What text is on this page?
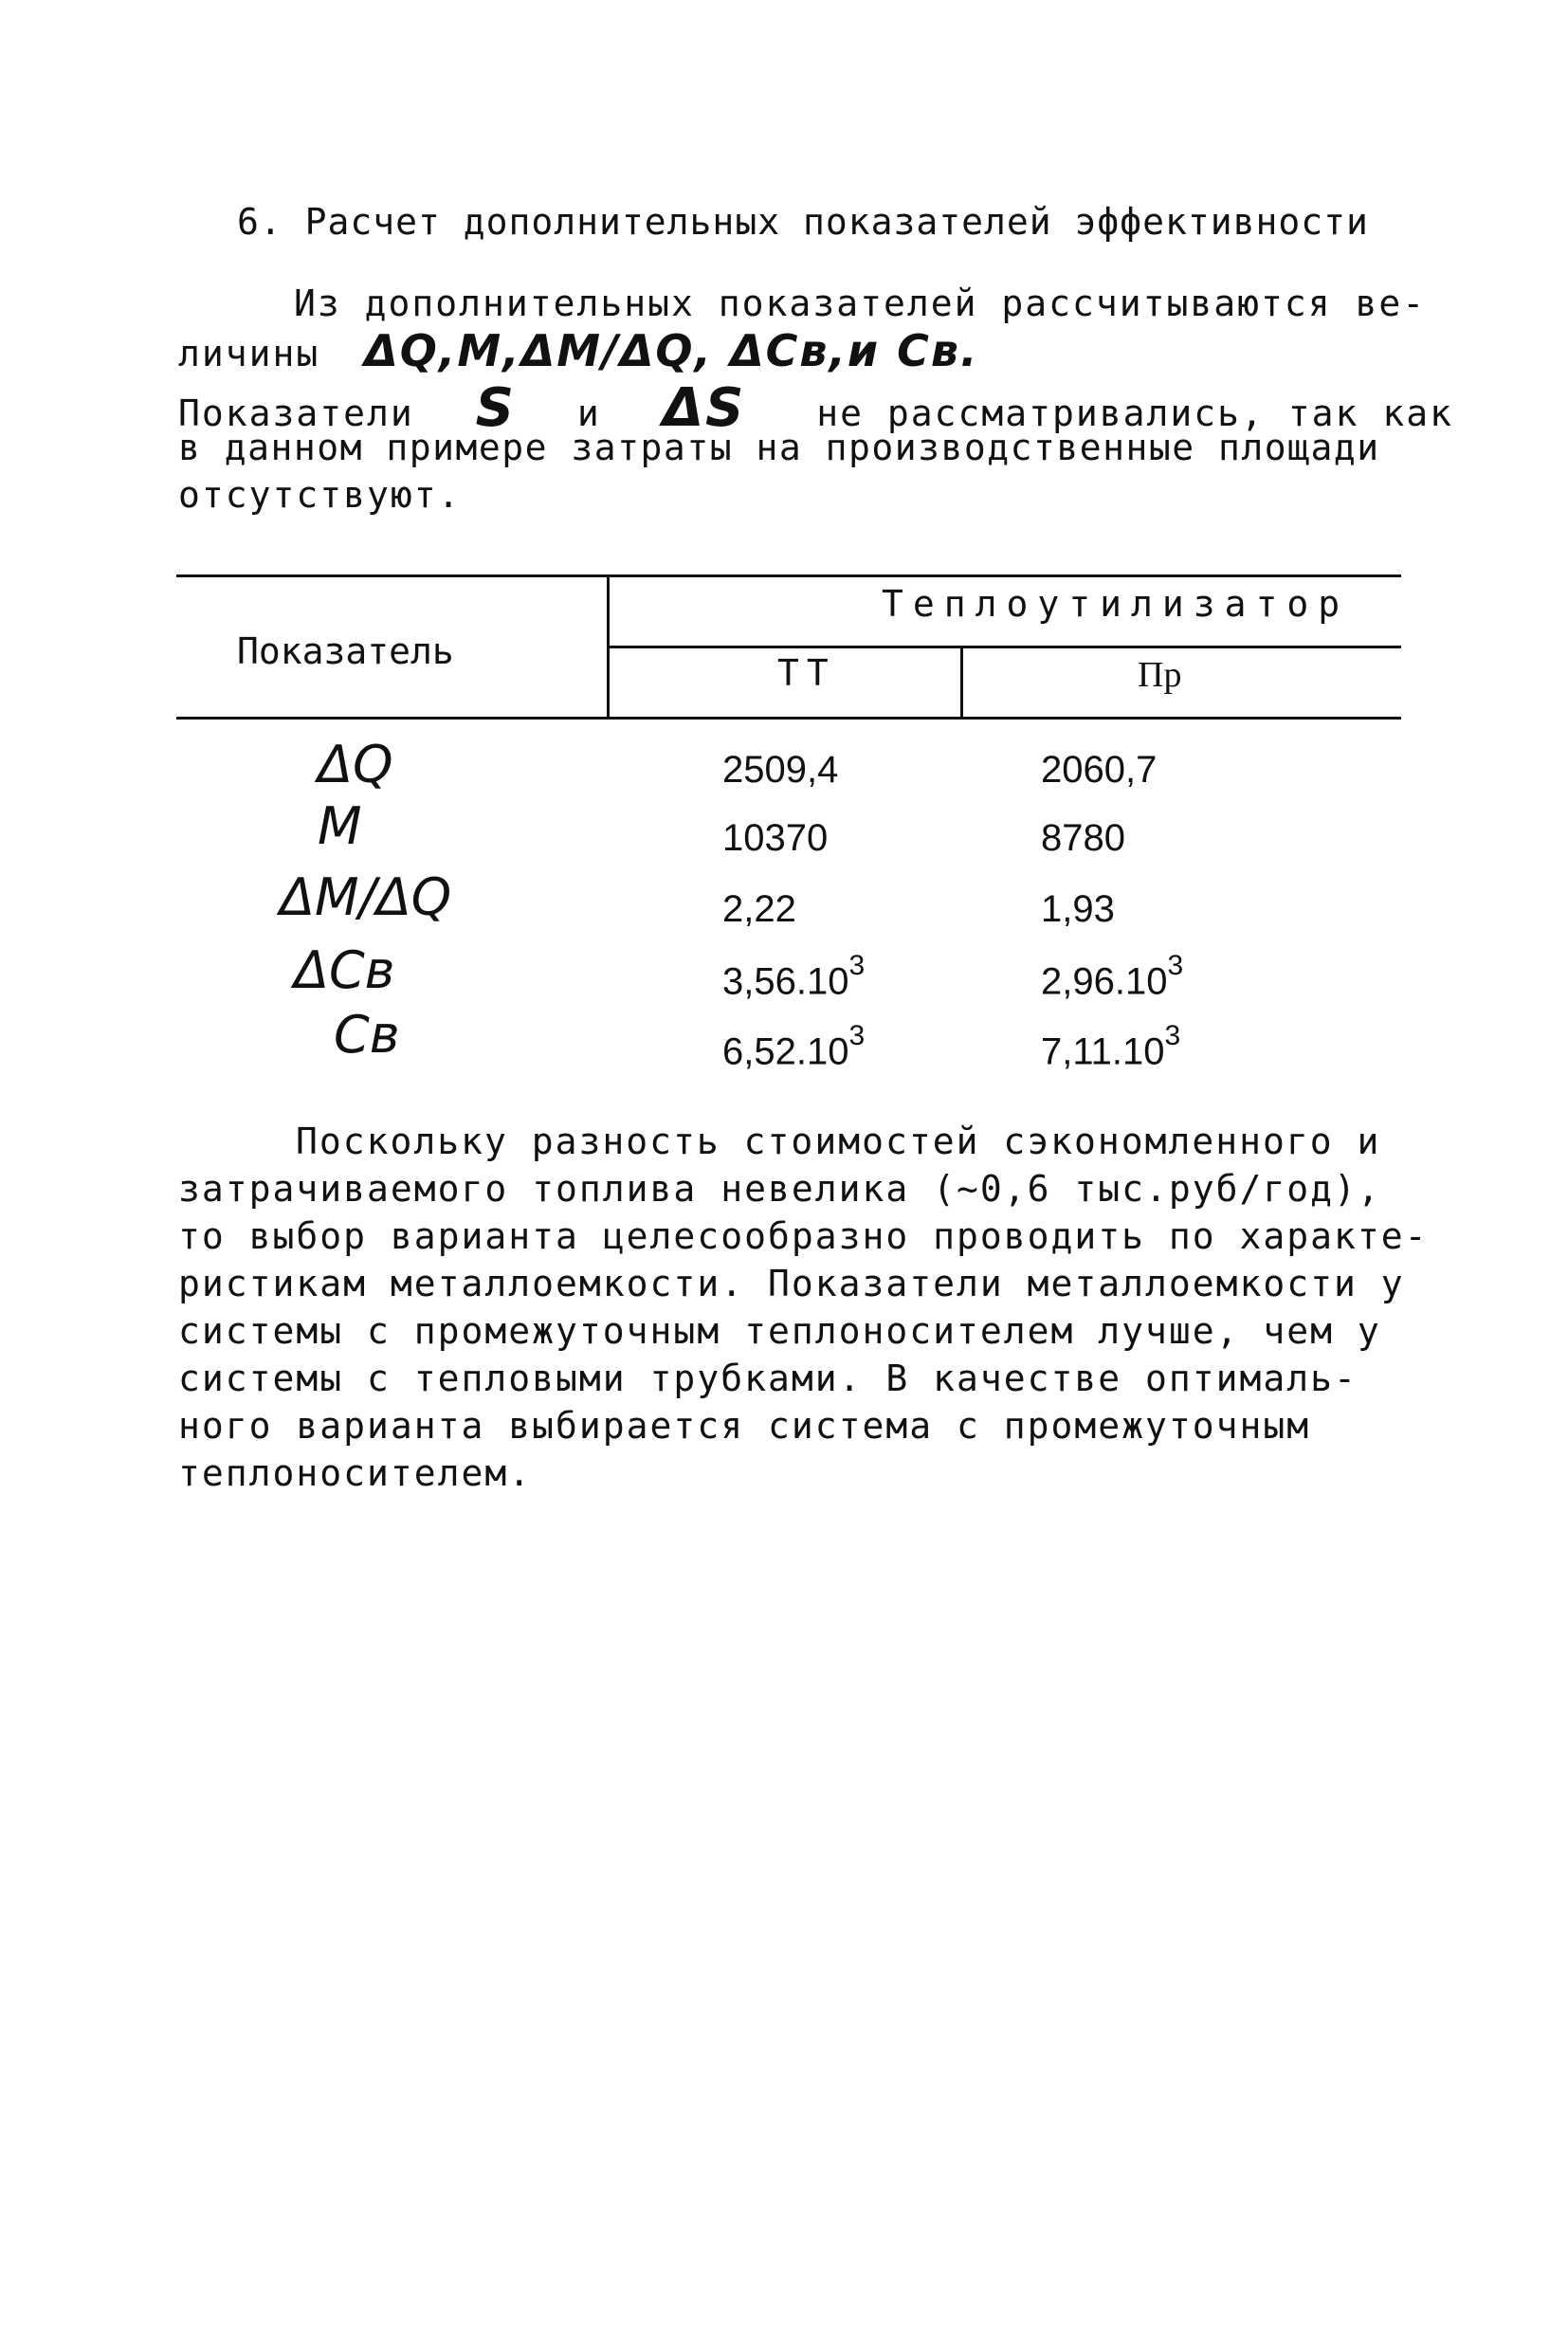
6. Расчет дополнительных показателей эффективности
Из дополнительных показателей рассчитываются ве-
личины ΔQ,M,ΔM/ΔQ, ΔCв,и Cв.
Показатели S и ΔS не рассматривались, так как
в данном примере затраты на производственные площади
отсутствуют.
Показатель
Теплоутилизатор
ТТ	Пр
ΔQ	2509,4	2060,7
M	10370	8780
ΔM/ΔQ	2,22	1,93
ΔCв	3,56.10$^3$	2,96.10$^3$
Cв	6,52.10$^3$	7,11.10$^3$
Поскольку разность стоимостей сэкономленного и
затрачиваемого топлива невелика (~0,6 тыс.руб/год),
то выбор варианта целесообразно проводить по характе-
ристикам металлоемкости. Показатели металлоемкости у
системы с промежуточным теплоносителем лучше, чем у
системы с тепловыми трубками. В качестве оптималь-
ного варианта выбирается система с промежуточным
теплоносителем.
